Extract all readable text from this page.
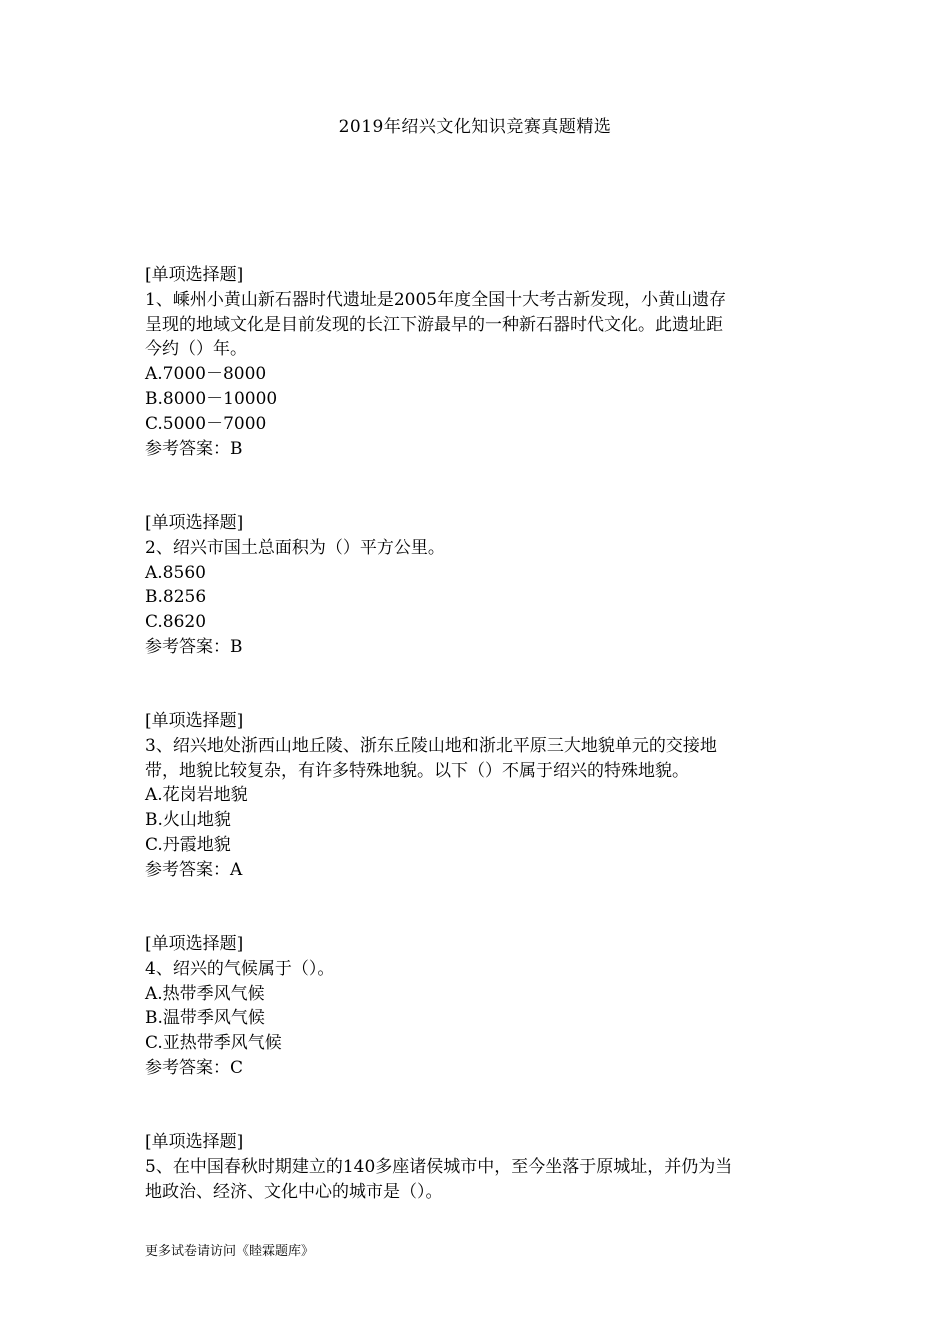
2019年绍兴文化知识竞赛真题精选
[单项选择题]
1、嵊州小黄山新石器时代遗址是2005年度全国十大考古新发现，小黄山遗存
呈现的地域文化是目前发现的长江下游最早的一种新石器时代文化。此遗址距
今约（）年。
A.7000－8000
B.8000－10000
C.5000－7000
参考答案：B
[单项选择题]
2、绍兴市国土总面积为（）平方公里。
A.8560
B.8256
C.8620
参考答案：B
[单项选择题]
3、绍兴地处浙西山地丘陵、浙东丘陵山地和浙北平原三大地貌单元的交接地
带，地貌比较复杂，有许多特殊地貌。以下（）不属于绍兴的特殊地貌。
A.花岗岩地貌
B.火山地貌
C.丹霞地貌
参考答案：A
[单项选择题]
4、绍兴的气候属于（）。
A.热带季风气候
B.温带季风气候
C.亚热带季风气候
参考答案：C
[单项选择题]
5、在中国春秋时期建立的140多座诸侯城市中，至今坐落于原城址，并仍为当
地政治、经济、文化中心的城市是（）。
更多试卷请访问《睦霖题库》
